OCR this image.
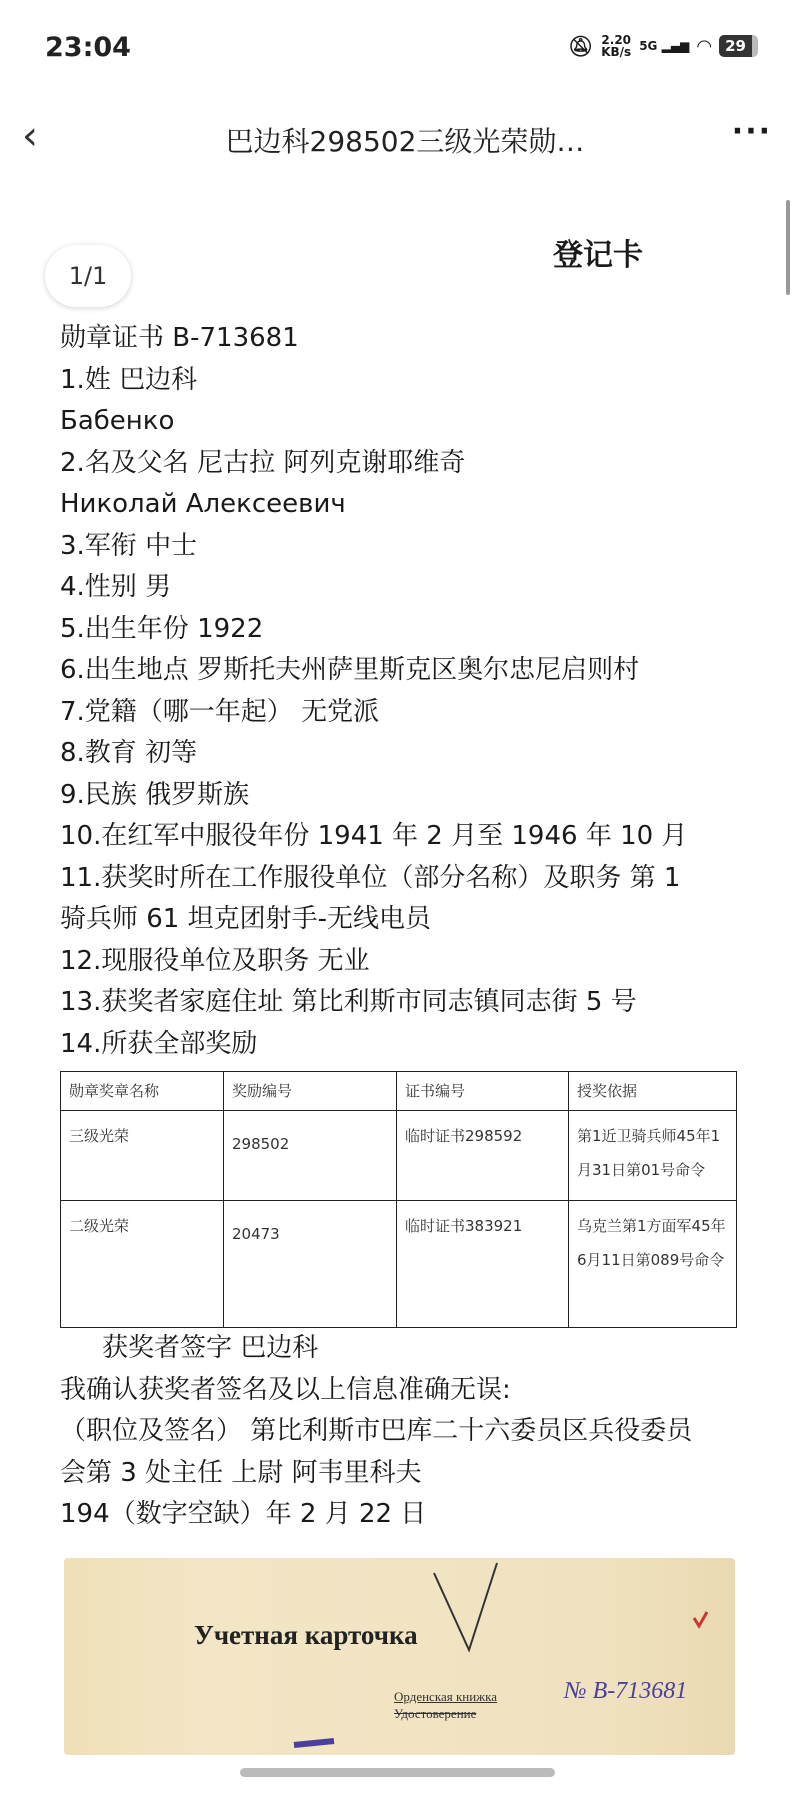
23:04	🔕︎ 2.20
KB/s 5G ▂▄▆ ◠ 29
‹	巴边科298502三级光荣勋…	···
登记卡
1/1
勋章证书 B-713681
1.姓 巴边科
Бабенко
2.名及父名 尼古拉 阿列克谢耶维奇
Николай Алексеевич
3.军衔 中士
4.性别 男
5.出生年份 1922
6.出生地点 罗斯托夫州萨里斯克区奥尔忠尼启则村
7.党籍（哪一年起） 无党派
8.教育 初等
9.民族 俄罗斯族
10.在红军中服役年份 1941 年 2 月至 1946 年 10 月
11.获奖时所在工作服役单位（部分名称）及职务 第 1
骑兵师 61 坦克团射手-无线电员
12.现服役单位及职务 无业
13.获奖者家庭住址 第比利斯市同志镇同志街 5 号
14.所获全部奖励
勋章奖章名称	奖励编号	证书编号	授奖依据
三级光荣	298502	临时证书298592	第1近卫骑兵师45年1月31日第01号命令
二级光荣	20473	临时证书383921	乌克兰第1方面军45年6月11日第089号命令
获奖者签字 巴边科
我确认获奖者签名及以上信息准确无误:
（职位及签名） 第比利斯市巴库二十六委员区兵役委员
会第 3 处主任 上尉 阿韦里科夫
194（数字空缺）年 2 月 22 日
Учетная карточка
Орденская книжка
Удостоверение
№ В-713681
